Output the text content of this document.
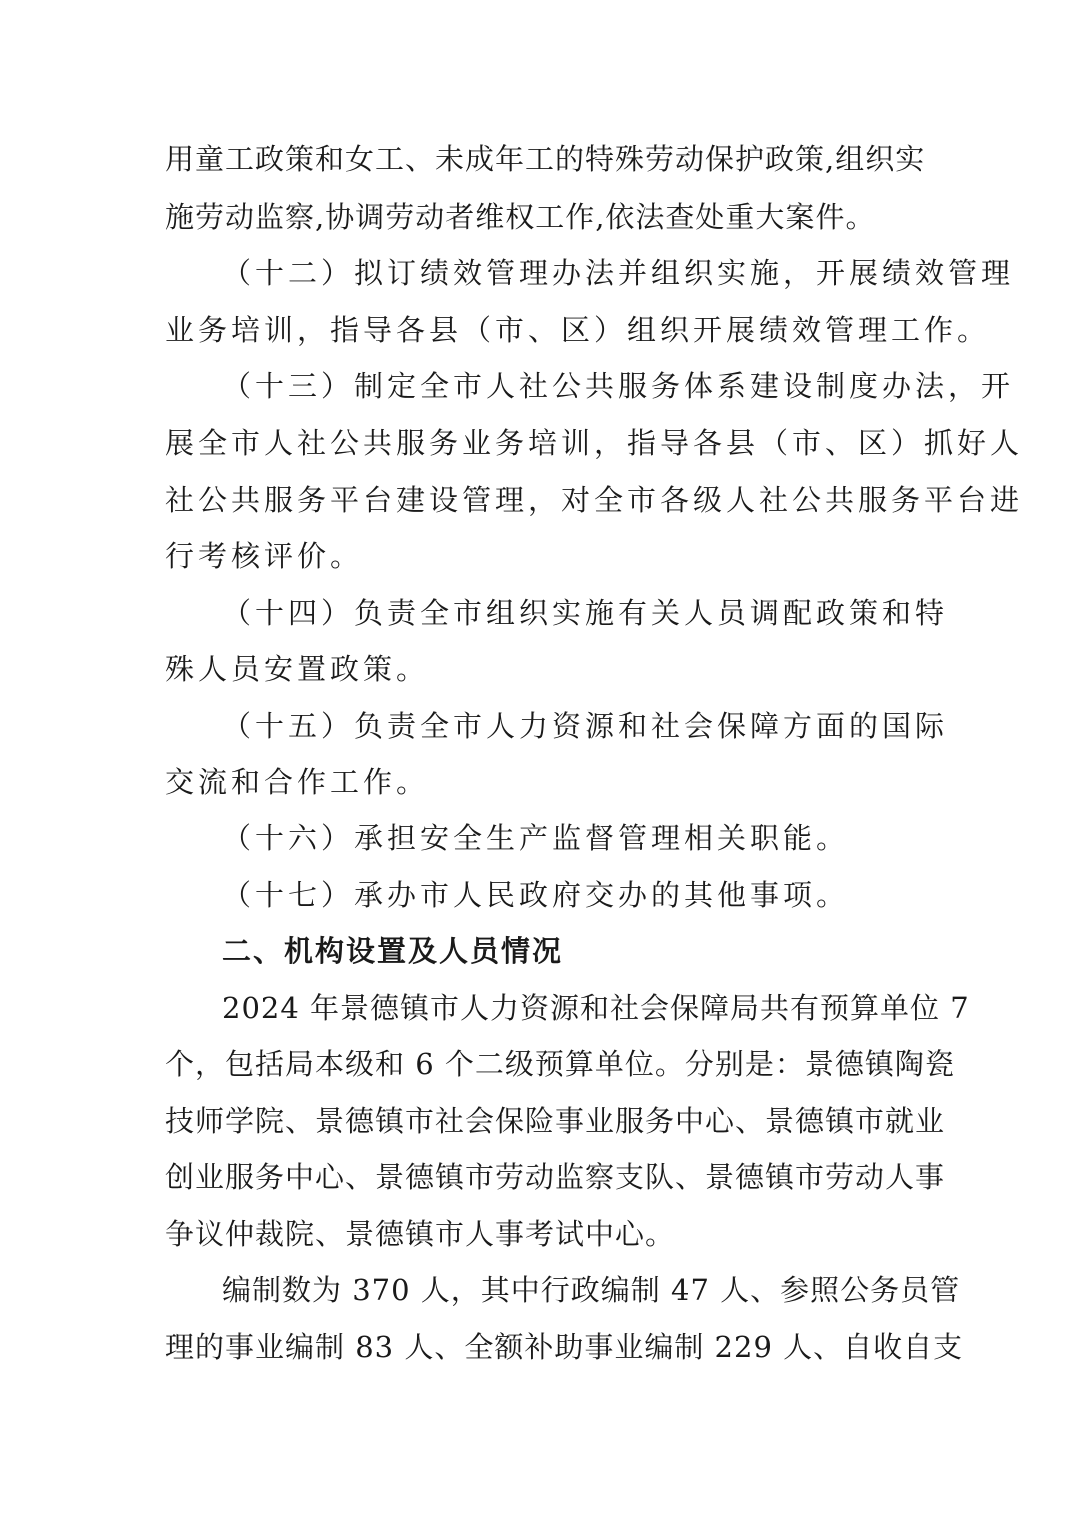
用童工政策和女工、未成年工的特殊劳动保护政策,组织实
施劳动监察,协调劳动者维权工作,依法查处重大案件。
（十二）拟订绩效管理办法并组织实施，开展绩效管理
业务培训，指导各县（市、区）组织开展绩效管理工作。
（十三）制定全市人社公共服务体系建设制度办法，开
展全市人社公共服务业务培训，指导各县（市、区）抓好人
社公共服务平台建设管理，对全市各级人社公共服务平台进
行考核评价。
（十四）负责全市组织实施有关人员调配政策和特
殊人员安置政策。
（十五）负责全市人力资源和社会保障方面的国际
交流和合作工作。
（十六）承担安全生产监督管理相关职能。
（十七）承办市人民政府交办的其他事项。
二、机构设置及人员情况
2024 年景德镇市人力资源和社会保障局共有预算单位 7
个，包括局本级和 6 个二级预算单位。分别是：景德镇陶瓷
技师学院、景德镇市社会保险事业服务中心、景德镇市就业
创业服务中心、景德镇市劳动监察支队、景德镇市劳动人事
争议仲裁院、景德镇市人事考试中心。
编制数为 370 人，其中行政编制 47 人、参照公务员管
理的事业编制 83 人、全额补助事业编制 229 人、自收自支
